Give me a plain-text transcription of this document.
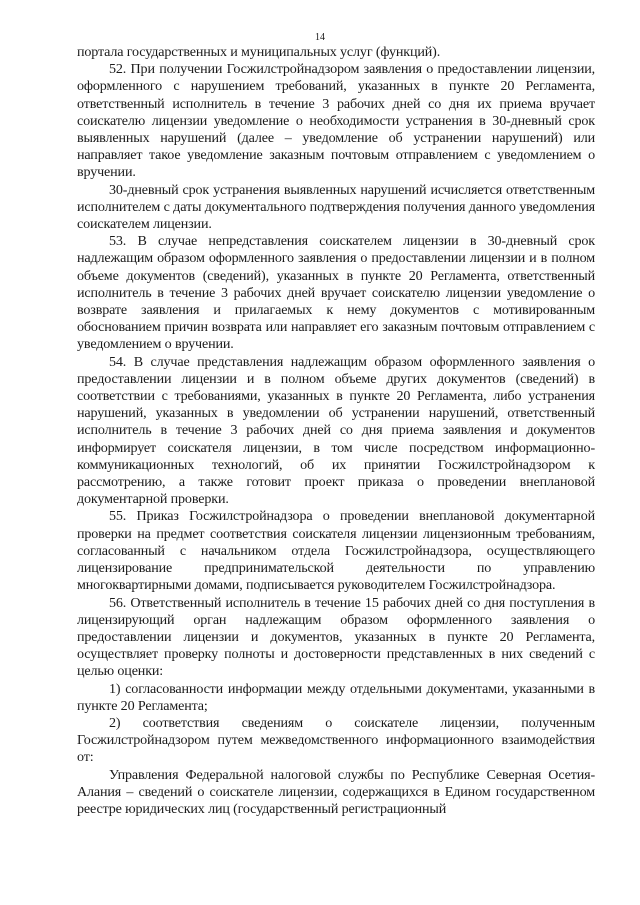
14

портала государственных и муниципальных услуг (функций).

52. При получении Госжилстройнадзором заявления о предоставлении лицензии, оформленного с нарушением требований, указанных в пункте 20 Регламента, ответственный исполнитель в течение 3 рабочих дней со дня их приема вручает соискателю лицензии уведомление о необходимости устранения в 30-дневный срок выявленных нарушений (далее – уведомление об устранении нарушений) или направляет такое уведомление заказным почтовым отправлением с уведомлением о вручении.

30-дневный срок устранения выявленных нарушений исчисляется ответственным исполнителем с даты документального подтверждения получения данного уведомления соискателем лицензии.

53. В случае непредставления соискателем лицензии в 30-дневный срок надлежащим образом оформленного заявления о предоставлении лицензии и в полном объеме документов (сведений), указанных в пункте 20 Регламента, ответственный исполнитель в течение 3 рабочих дней вручает соискателю лицензии уведомление о возврате заявления и прилагаемых к нему документов с мотивированным обоснованием причин возврата или направляет его заказным почтовым отправлением с уведомлением о вручении.

54. В случае представления надлежащим образом оформленного заявления о предоставлении лицензии и в полном объеме других документов (сведений) в соответствии с требованиями, указанных в пункте 20 Регламента, либо устранения нарушений, указанных в уведомлении об устранении нарушений, ответственный исполнитель в течение 3 рабочих дней со дня приема заявления и документов информирует соискателя лицензии, в том числе посредством информационно-коммуникационных технологий, об их принятии Госжилстройнадзором к рассмотрению, а также готовит проект приказа о проведении внеплановой документарной проверки.

55. Приказ Госжилстройнадзора о проведении внеплановой документарной проверки на предмет соответствия соискателя лицензии лицензионным требованиям, согласованный с начальником отдела Госжилстройнадзора, осуществляющего лицензирование предпринимательской деятельности по управлению многоквартирными домами, подписывается руководителем Госжилстройнадзора.

56. Ответственный исполнитель в течение 15 рабочих дней со дня поступления в лицензирующий орган надлежащим образом оформленного заявления о предоставлении лицензии и документов, указанных в пункте 20 Регламента, осуществляет проверку полноты и достоверности представленных в них сведений с целью оценки:

1) согласованности информации между отдельными документами, указанными в пункте 20 Регламента;

2) соответствия сведениям о соискателе лицензии, полученным Госжилстройнадзором путем межведомственного информационного взаимодействия от:

Управления Федеральной налоговой службы по Республике Северная Осетия-Алания – сведений о соискателе лицензии, содержащихся в Едином государственном реестре юридических лиц (государственный регистрационный
